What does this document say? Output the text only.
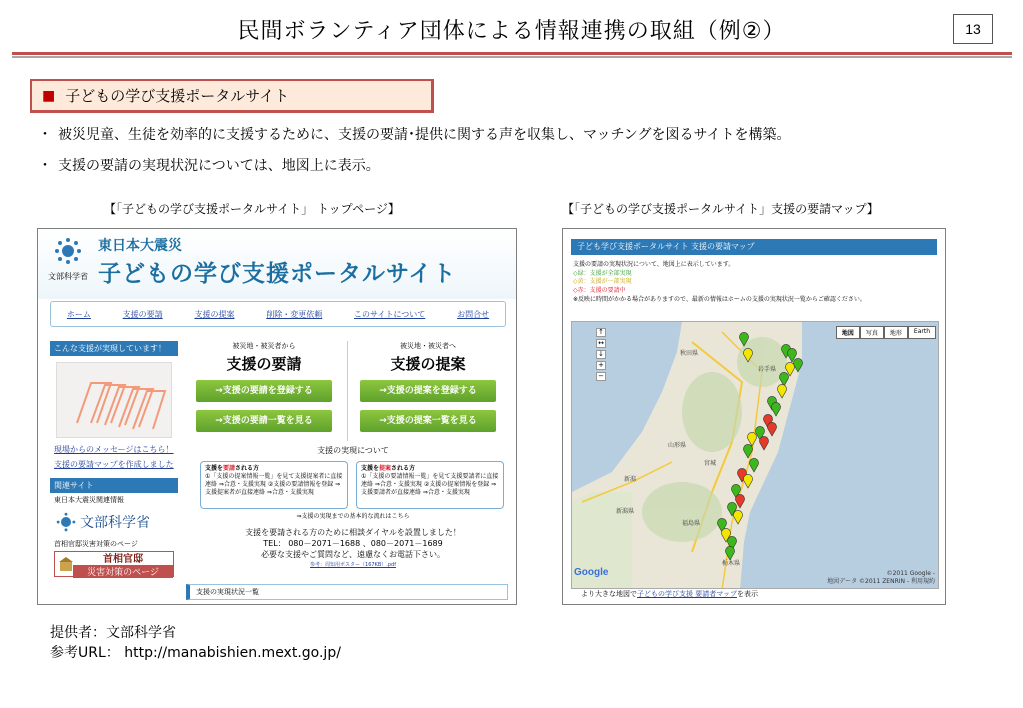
民間ボランティア団体による情報連携の取組（例②）	13
■ 子どもの学び支援ポータルサイト
・ 被災児童、生徒を効率的に支援するために、支援の要請･提供に関する声を収集し、マッチングを図るサイトを構築。
・ 支援の要請の実現状況については、地図上に表示。
【「子どもの学び支援ポータルサイト」 トップページ】	【「子どもの学び支援ポータルサイト」支援の要請マップ】
文部科学省
東日本大震災
子どもの学び支援ポータルサイト
ホーム	支援の要請	支援の提案	削除・変更依頼	このサイトについて	お問合せ
こんな支援が実現しています！
現場からのメッセージはこちら！
支援の要請マップを作成しました
関連サイト
東日本大震災関連情報
文部科学省
首相官邸災害対策のページ
首相官邸
災害対策のページ
被災地・被災者から
支援の要請
→支援の要請を登録する
→支援の要請一覧を見る
被災地・被災者へ
支援の提案
→支援の提案を登録する
→支援の提案一覧を見る
支援の実現について
支援を要請される方
①「支援の提案情報一覧」を見て支援提案者に直接連絡 ⇒合意・支援実現 ②支援の要請情報を登録 ⇒ 支援提案者が直接連絡 ⇒合意・支援実現
支援を提案される方
①「支援の要請情報一覧」を見て支援要請者に直接連絡 ⇒合意・支援実現 ②支援の提案情報を登録 ⇒ 支援要請者が直接連絡 ⇒合意・支援実現
⇒支援の実現までの基本的な流れはこちら
支援を要請される方のために相談ダイヤルを設置しました！
TEL： 080－2071－1688 、080－2071－1689
必要な支援やご質問など、遠慮なくお電話下さい。
参考：周知用ポスター（167KB）.pdf
支援の実現状況一覧
子ども学び支援ポータルサイト 支援の要請マップ
支援の要請の実現状況について、地図上に表示しています。
◇緑：支援が全部実現
◇黄：支援が一部実現
◇赤：支援の要請中
※反映に時間がかかる場合がありますので、最新の情報はホームの支援の実現状況一覧からご確認ください。
↑
↔
↓
+
−
地図	写真	地形	Earth
秋田県
岩手県
山形県
新潟
新潟県
福島県
栃木県
宮城
Google	©2011 Google -
地図データ ©2011 ZENRIN - 利用規約
より大きな地図で子どもの学び支援 要請者マップを表示
提供者：文部科学省
参考URL： http://manabishien.mext.go.jp/
